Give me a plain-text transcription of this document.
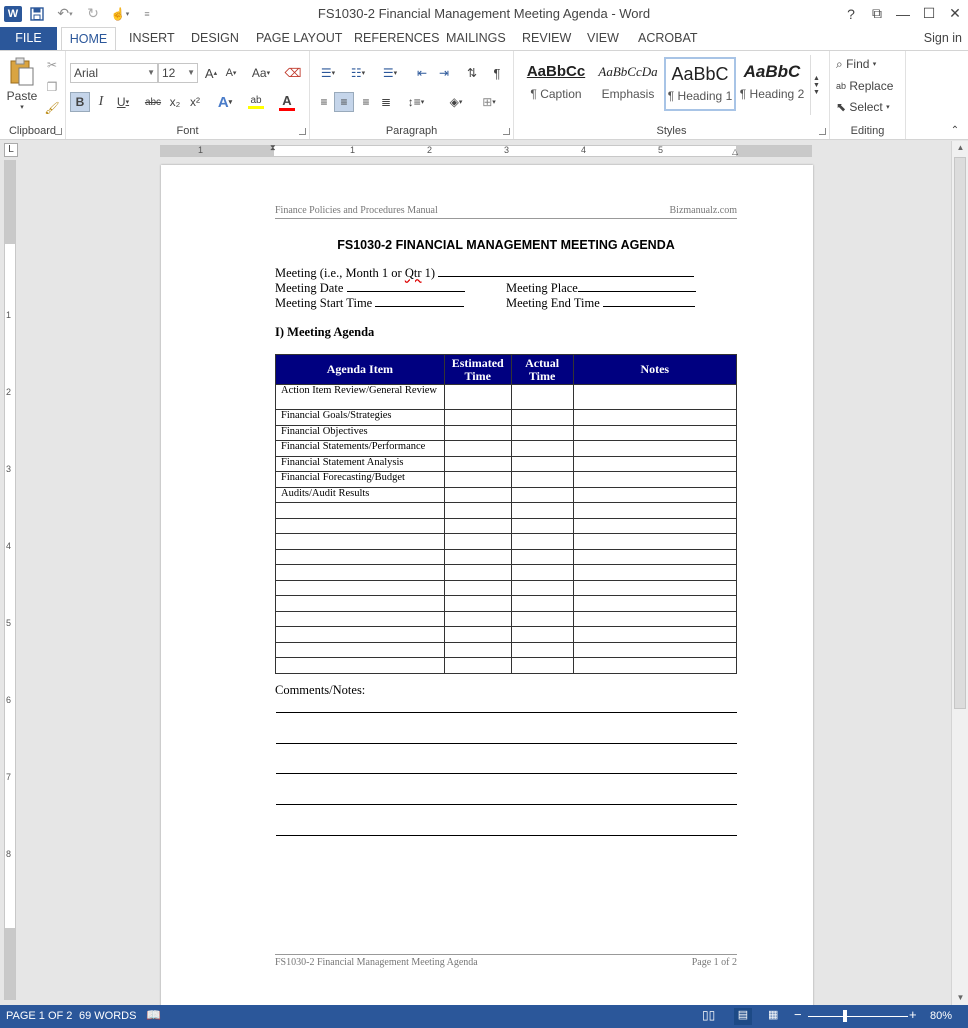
W	↶ ▾	↻ ☝ ▾	≡	FS1030-2 Financial Management Meeting Agenda - Word	?	⧉	— ☐ ✕
FILE	HOME	INSERT DESIGN PAGE LAYOUT REFERENCES MAILINGS REVIEW VIEW ACROBAT	Sign in
Paste
▾
✂
❐
🖌
Clipboard
Arial	▼ 12 ▼ A ▴ A ▾ Aa ▾ ⌫
B I U ▾ abc x₂ x² A ▾ ab A
Font
☰ ▾	☷ ▾	☰ ▾	⇤ ⇥	⇅	¶
≡	≡	≡ ≣	↕≡ ▾	◈ ▾	⊞ ▾
Paragraph
AaBbCc
¶ Caption
AaBbCcDa
Emphasis
AaBbC
¶ Heading 1
AaBbC
¶ Heading 2
▲
▼
▼
Styles
⌕
Find
▾
ab
Replace
⬉
Select
▾
Editing	⌃
L	1	1	2	3	4	5
⧗	△
1
2
3
4
5
6
7
8
▲
▼
Finance Policies and Procedures Manual	Bizmanualz.com
FS1030-2 FINANCIAL MANAGEMENT MEETING AGENDA
Meeting (i.e., Month 1 or Qtr 1)
Meeting Date	Meeting Place
Meeting Start Time	Meeting End Time
I) Meeting Agenda
Agenda Item	Estimated Time	Actual Time	Notes
Action Item Review/General Review			
Financial Goals/Strategies			
Financial Objectives			
Financial Statements/Performance			
Financial Statement Analysis			
Financial Forecasting/Budget			
Audits/Audit Results			

Comments/Notes:
FS1030-2 Financial Management Meeting Agenda	Page 1 of 2
PAGE 1 OF 2 69 WORDS 📖	▯▯	▤	▦ −	+ 80%
